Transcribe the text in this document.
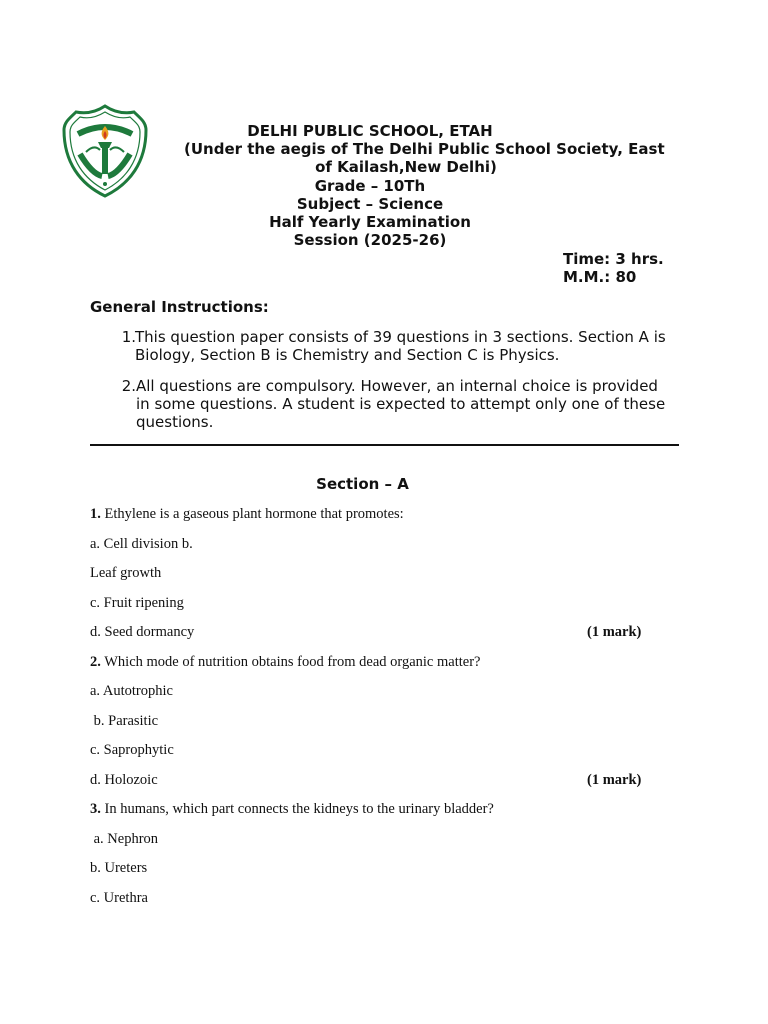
DELHI PUBLIC SCHOOL, ETAH
(Under the aegis of The Delhi Public School Society, East
of Kailash,New Delhi)
Grade – 10Th
Subject – Science
Half Yearly Examination
Session (2025-26)
Time: 3 hrs.
M.M.: 80
General Instructions:
1. This question paper consists of 39 questions in 3 sections. Section A is Biology, Section B is Chemistry and Section C is Physics.
2. All questions are compulsory. However, an internal choice is provided in some questions. A student is expected to attempt only one of these questions.
Section – A
1. Ethylene is a gaseous plant hormone that promotes:
a. Cell division b.
Leaf growth
c. Fruit ripening
d. Seed dormancy	(1 mark)
2. Which mode of nutrition obtains food from dead organic matter?
a. Autotrophic
b. Parasitic
c. Saprophytic
d. Holozoic	(1 mark)
3. In humans, which part connects the kidneys to the urinary bladder?
a. Nephron
b. Ureters
c. Urethra
